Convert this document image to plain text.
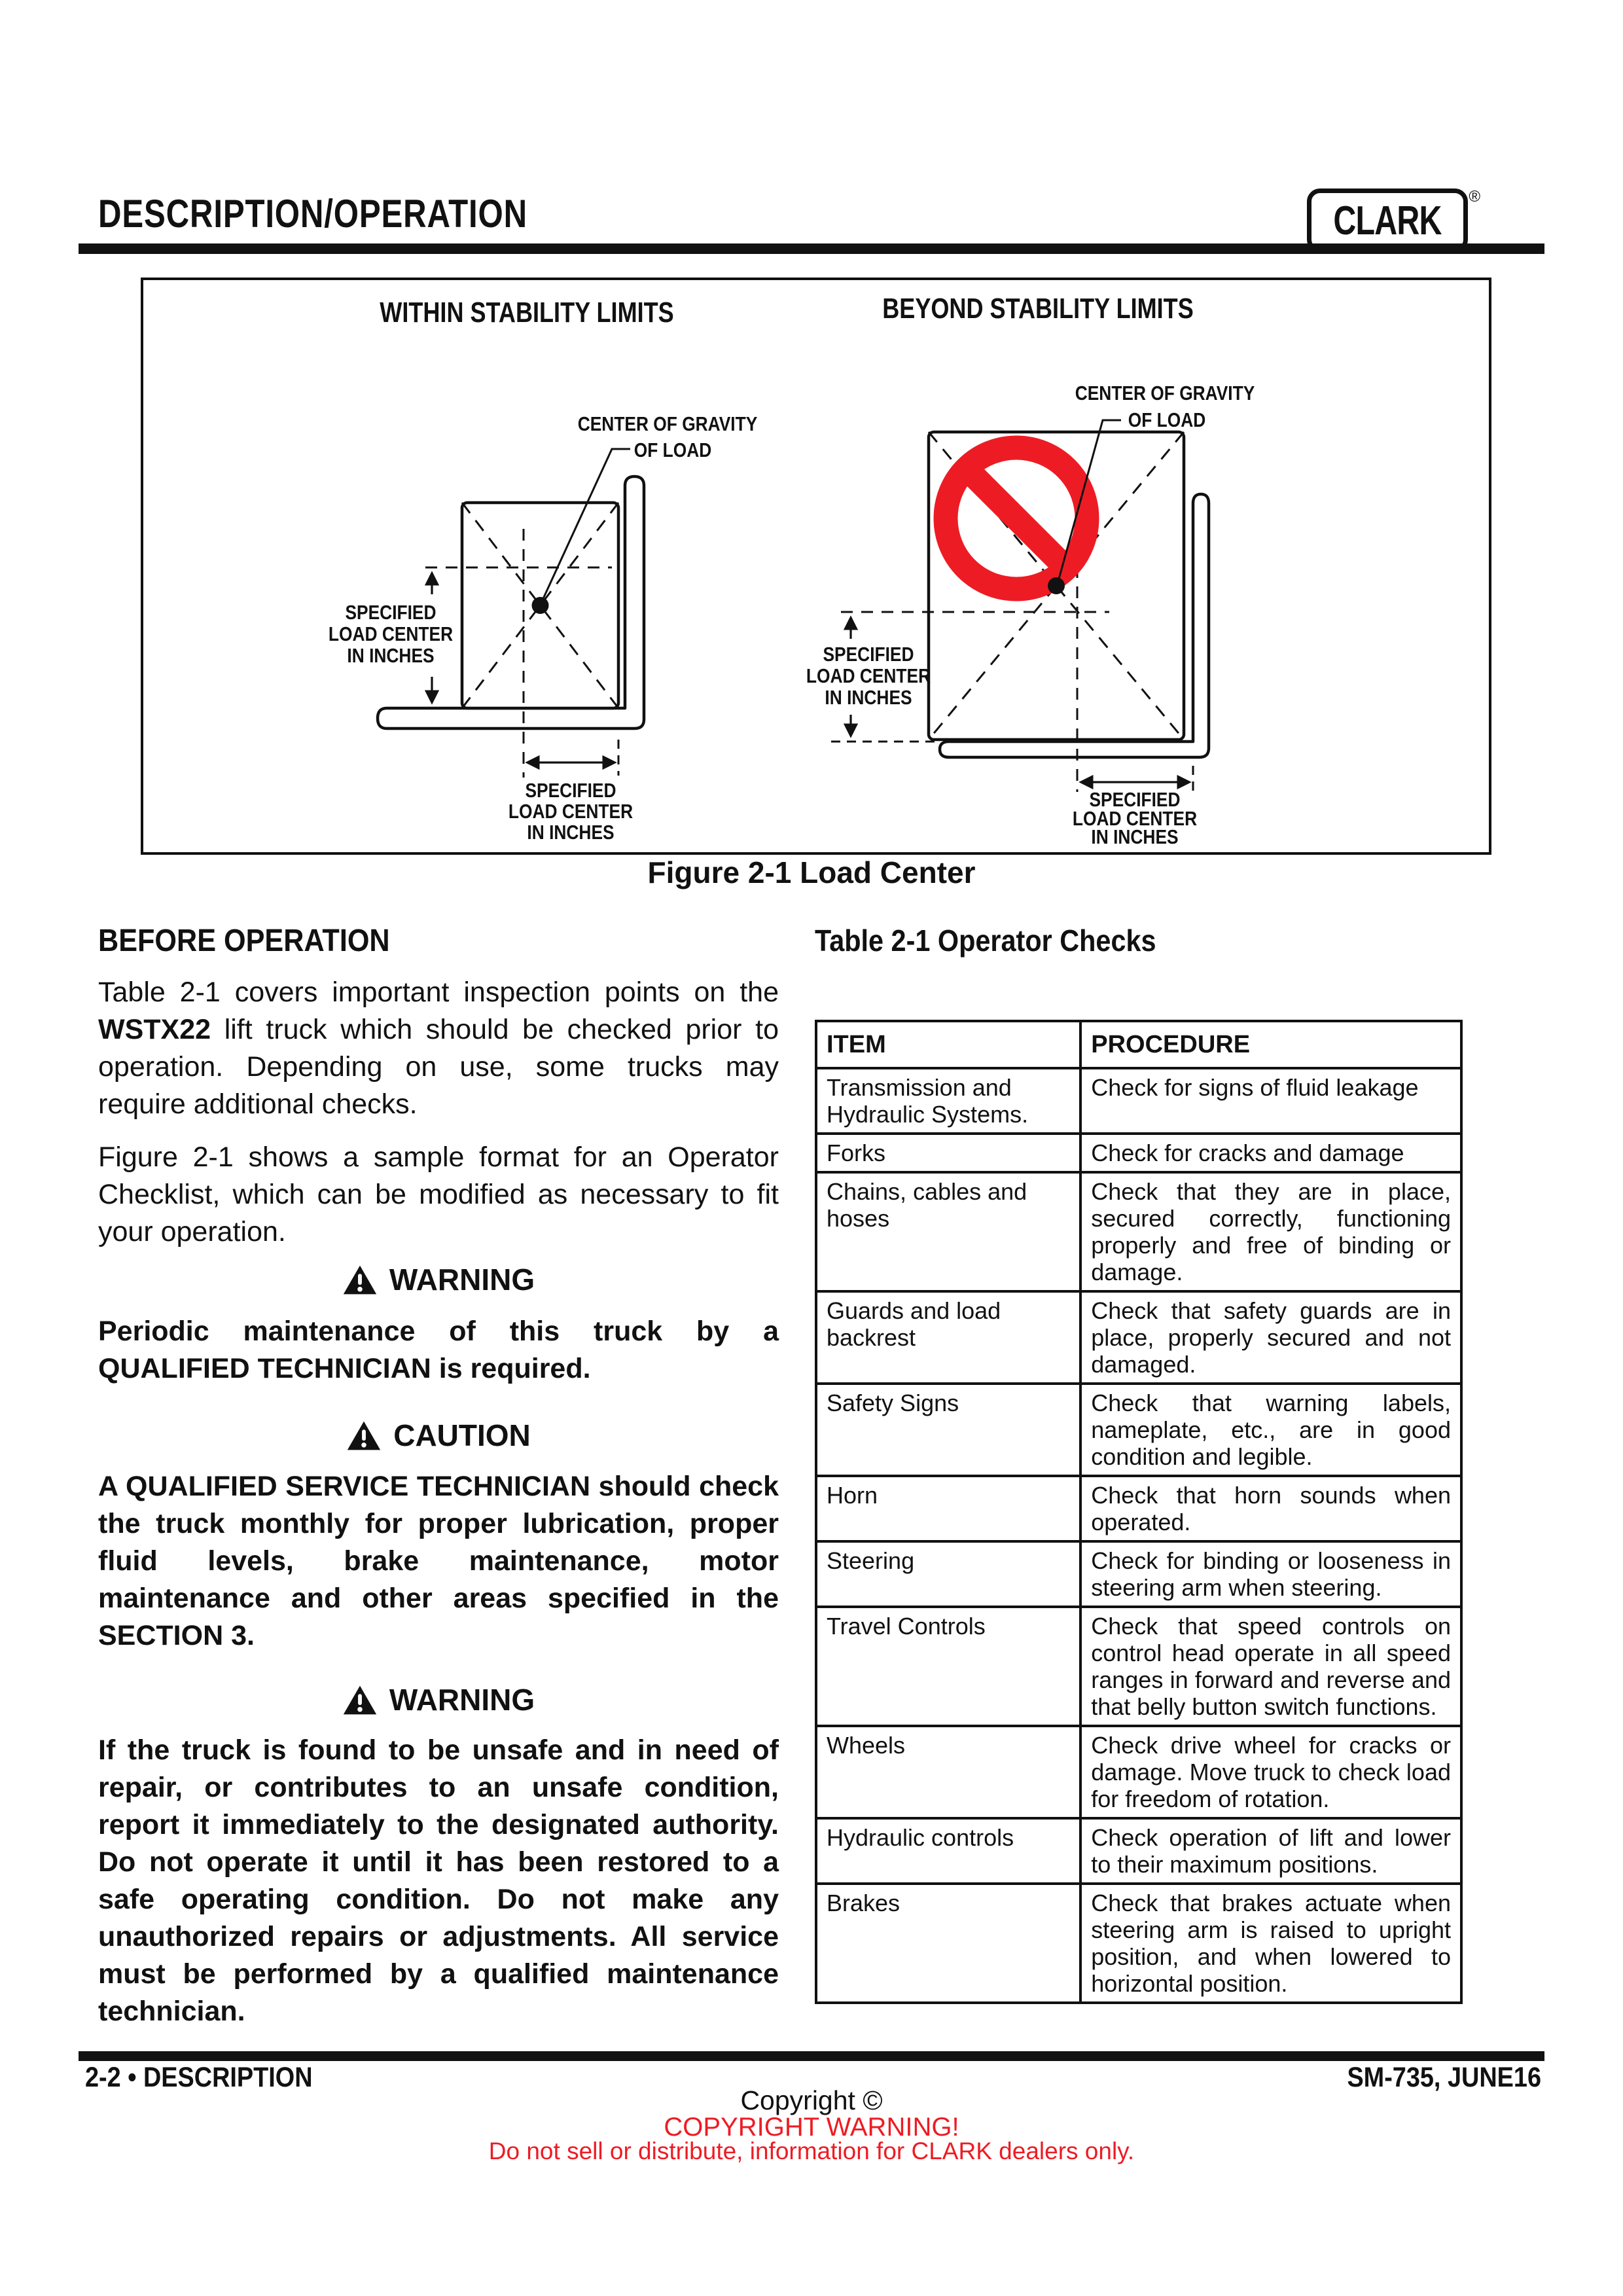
DESCRIPTION/OPERATION	CLARK
®
WITHIN STABILITY LIMITS
CENTER OF GRAVITY
OF LOAD
SPECIFIED
LOAD CENTER
IN INCHES
SPECIFIED
LOAD CENTER
IN INCHES
BEYOND STABILITY LIMITS
CENTER OF GRAVITY
OF LOAD
SPECIFIED
LOAD CENTER
IN INCHES
SPECIFIED
LOAD CENTER
IN INCHES
Figure 2-1 Load Center
BEFORE OPERATION

Table 2-1 covers important inspection points on the WSTX22 lift truck which should be checked prior to operation. Depending on use, some trucks may require additional checks.

Figure 2-1 shows a sample format for an Operator Checklist, which can be modified as necessary to fit your operation.

WARNING

Periodic maintenance of this truck by a QUALIFIED TECHNICIAN is required.

CAUTION

A QUALIFIED SERVICE TECHNICIAN should check the truck monthly for proper lubrication, proper fluid levels, brake maintenance, motor maintenance and other areas specified in the SECTION 3.

WARNING

If the truck is found to be unsafe and in need of repair, or contributes to an unsafe condition, report it immediately to the designated authority. Do not operate it until it has been restored to a safe operating condition. Do not make any unauthorized repairs or adjustments. All service must be performed by a qualified maintenance technician.

Table 2-1 Operator Checks
ITEM	PROCEDURE
Transmission and Hydraulic Systems.	Check for signs of fluid leakage
Forks	Check for cracks and damage
Chains, cables and hoses	Check that they are in place, secured correctly, functioning properly and free of binding or damage.
Guards and load backrest	Check that safety guards are in place, properly secured and not damaged.
Safety Signs	Check that warning labels, nameplate, etc., are in good condition and legible.
Horn	Check that horn sounds when operated.
Steering	Check for binding or looseness in steering arm when steering.
Travel Controls	Check that speed controls on control head operate in all speed ranges in forward and reverse and that belly button switch functions.
Wheels	Check drive wheel for cracks or damage. Move truck to check load for freedom of rotation.
Hydraulic controls	Check operation of lift and lower to their maximum positions.
Brakes	Check that brakes actuate when steering arm is raised to upright position, and when lowered to horizontal position.
2-2 • DESCRIPTION	SM-735, JUNE16
Copyright ©
COPYRIGHT WARNING!
Do not sell or distribute, information for CLARK dealers only.
